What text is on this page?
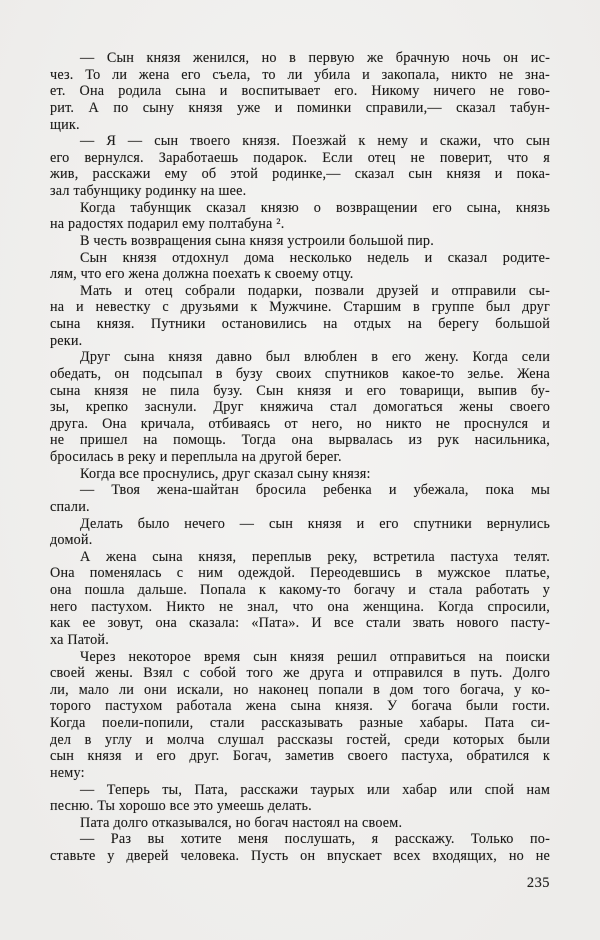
— Сын князя женился, но в первую же брачную ночь он ис-
чез. То ли жена его съела, то ли убила и закопала, никто не зна-
ет. Она родила сына и воспитывает его. Никому ничего не гово-
рит. А по сыну князя уже и поминки справили,— сказал табун-
щик.
— Я — сын твоего князя. Поезжай к нему и скажи, что сын
его вернулся. Заработаешь подарок. Если отец не поверит, что я
жив, расскажи ему об этой родинке,— сказал сын князя и пока-
зал табунщику родинку на шее.
Когда табунщик сказал князю о возвращении его сына, князь
на радостях подарил ему полтабуна ².
В честь возвращения сына князя устроили большой пир.
Сын князя отдохнул дома несколько недель и сказал родите-
лям, что его жена должна поехать к своему отцу.
Мать и отец собрали подарки, позвали друзей и отправили сы-
на и невестку с друзьями к Мужчине. Старшим в группе был друг
сына князя. Путники остановились на отдых на берегу большой
реки.
Друг сына князя давно был влюблен в его жену. Когда сели
обедать, он подсыпал в бузу своих спутников какое-то зелье. Жена
сына князя не пила бузу. Сын князя и его товарищи, выпив бу-
зы, крепко заснули. Друг княжича стал домогаться жены своего
друга. Она кричала, отбиваясь от него, но никто не проснулся и
не пришел на помощь. Тогда она вырвалась из рук насильника,
бросилась в реку и переплыла на другой берег.
Когда все проснулись, друг сказал сыну князя:
— Твоя жена-шайтан бросила ребенка и убежала, пока мы
спали.
Делать было нечего — сын князя и его спутники вернулись
домой.
А жена сына князя, переплыв реку, встретила пастуха телят.
Она поменялась с ним одеждой. Переодевшись в мужское платье,
она пошла дальше. Попала к какому-то богачу и стала работать у
него пастухом. Никто не знал, что она женщина. Когда спросили,
как ее зовут, она сказала: «Пата». И все стали звать нового пасту-
ха Патой.
Через некоторое время сын князя решил отправиться на поиски
своей жены. Взял с собой того же друга и отправился в путь. Долго
ли, мало ли они искали, но наконец попали в дом того богача, у ко-
торого пастухом работала жена сына князя. У богача были гости.
Когда поели-попили, стали рассказывать разные хабары. Пата си-
дел в углу и молча слушал рассказы гостей, среди которых были
сын князя и его друг. Богач, заметив своего пастуха, обратился к
нему:
— Теперь ты, Пата, расскажи таурых или хабар или спой нам
песню. Ты хорошо все это умеешь делать.
Пата долго отказывался, но богач настоял на своем.
— Раз вы хотите меня послушать, я расскажу. Только по-
ставьте у дверей человека. Пусть он впускает всех входящих, но не
235
